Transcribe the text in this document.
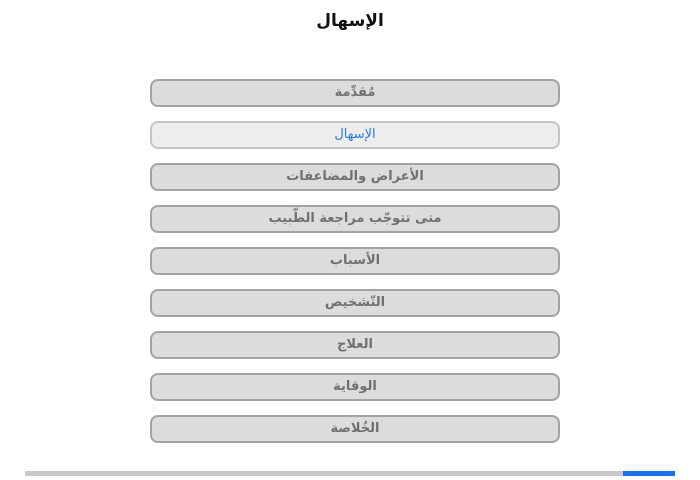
الإسهال
مُقدِّمة
الإسهال
الأعراض والمضاعفات
متى تتوجّب مراجعة الطّبيب
الأسباب
التّشخيص
العلاج
الوقاية
الخُلاصة
